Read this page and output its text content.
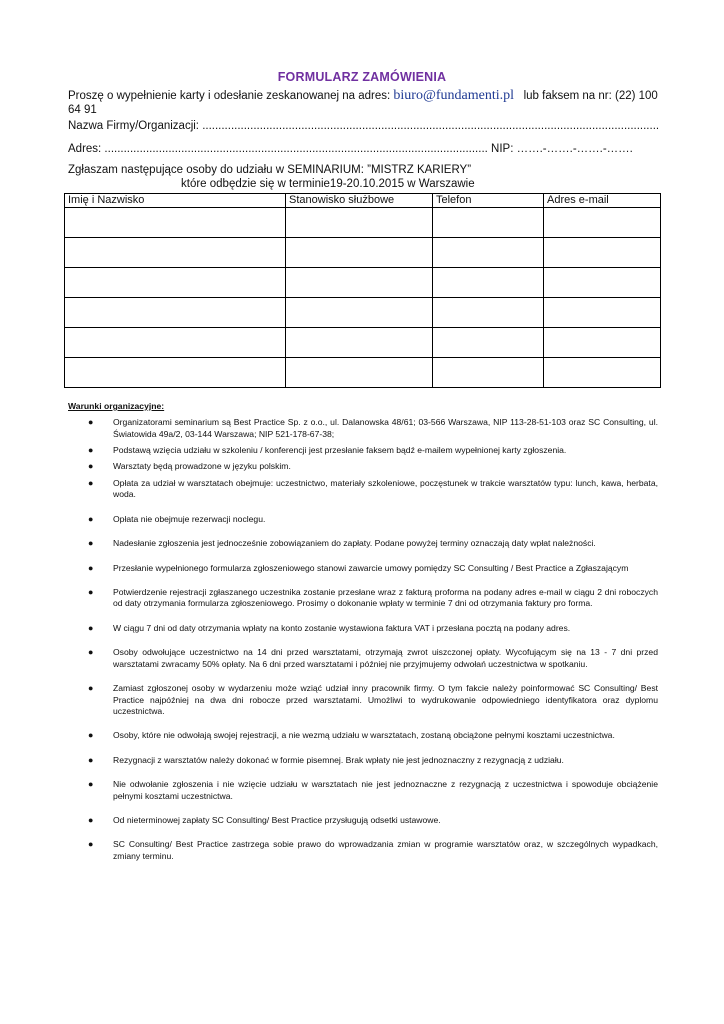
FORMULARZ ZAMÓWIENIA
Proszę o wypełnienie karty i odesłanie zeskanowanej na adres: biuro@fundamenti.pl lub faksem na nr: (22) 100 64 91
Nazwa Firmy/Organizacji: ...............................................................................................................................................
Adres: ........................................................................................................................ NIP: …….-…….-…….-…….
Zgłaszam następujące osoby do udziału w SEMINARIUM: ”MISTRZ KARIERY”
które odbędzie się w terminie19-20.10.2015 w Warszawie
Imię i Nazwisko	Stanowisko służbowe	Telefon	Adres e-mail

Warunki organizacyjne:
● Organizatorami seminarium są Best Practice Sp. z o.o., ul. Dalanowska 48/61; 03-566 Warszawa, NIP 113-28-51-103 oraz SC Consulting, ul. Światowida 49a/2, 03-144 Warszawa; NIP 521-178-67-38;
● Podstawą wzięcia udziału w szkoleniu / konferencji jest przesłanie faksem bądź e-mailem wypełnionej karty zgłoszenia.
● Warsztaty będą prowadzone w języku polskim.
● Opłata za udział w warsztatach obejmuje: uczestnictwo, materiały szkoleniowe, poczęstunek w trakcie warsztatów typu: lunch, kawa, herbata, woda.
● Opłata nie obejmuje rezerwacji noclegu.
● Nadesłanie zgłoszenia jest jednocześnie zobowiązaniem do zapłaty. Podane powyżej terminy oznaczają daty wpłat należności.
● Przesłanie wypełnionego formularza zgłoszeniowego stanowi zawarcie umowy pomiędzy SC Consulting / Best Practice a Zgłaszającym
● Potwierdzenie rejestracji zgłaszanego uczestnika zostanie przesłane wraz z fakturą proforma na podany adres e-mail w ciągu 2 dni roboczych od daty otrzymania formularza zgłoszeniowego. Prosimy o dokonanie wpłaty w terminie 7 dni od otrzymania faktury pro forma.
● W ciągu 7 dni od daty otrzymania wpłaty na konto zostanie wystawiona faktura VAT i przesłana pocztą na podany adres.
● Osoby odwołujące uczestnictwo na 14 dni przed warsztatami, otrzymają zwrot uiszczonej opłaty. Wycofującym się na 13 - 7 dni przed warsztatami zwracamy 50% opłaty. Na 6 dni przed warsztatami i później nie przyjmujemy odwołań uczestnictwa w spotkaniu.
● Zamiast zgłoszonej osoby w wydarzeniu może wziąć udział inny pracownik firmy. O tym fakcie należy poinformować SC Consulting/ Best Practice najpóźniej na dwa dni robocze przed warsztatami. Umożliwi to wydrukowanie odpowiedniego identyfikatora oraz dyplomu uczestnictwa.
● Osoby, które nie odwołają swojej rejestracji, a nie wezmą udziału w warsztatach, zostaną obciążone pełnymi kosztami uczestnictwa.
● Rezygnacji z warsztatów należy dokonać w formie pisemnej. Brak wpłaty nie jest jednoznaczny z rezygnacją z udziału.
● Nie odwołanie zgłoszenia i nie wzięcie udziału w warsztatach nie jest jednoznaczne z rezygnacją z uczestnictwa i spowoduje obciążenie pełnymi kosztami uczestnictwa.
● Od nieterminowej zapłaty SC Consulting/ Best Practice przysługują odsetki ustawowe.
● SC Consulting/ Best Practice zastrzega sobie prawo do wprowadzania zmian w programie warsztatów oraz, w szczególnych wypadkach, zmiany terminu.
